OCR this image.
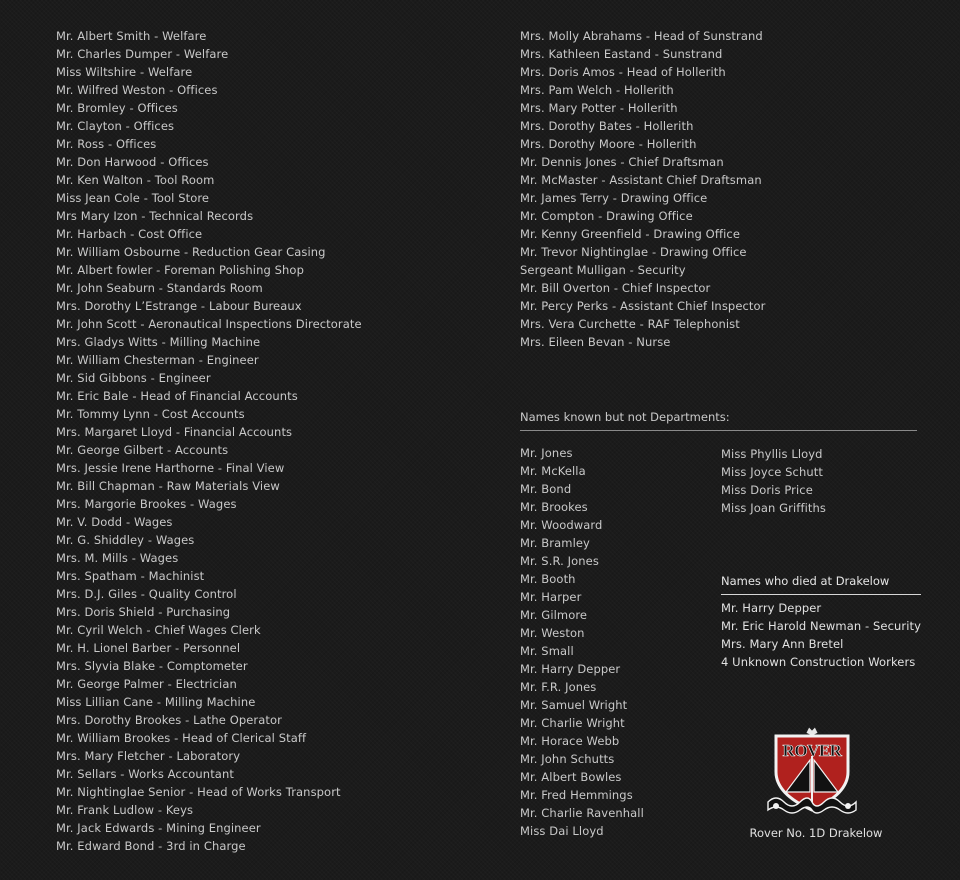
Mr. Albert Smith - Welfare
Mr. Charles Dumper - Welfare
Miss Wiltshire - Welfare
Mr. Wilfred Weston - Offices
Mr. Bromley - Offices
Mr. Clayton - Offices
Mr. Ross - Offices
Mr. Don Harwood - Offices
Mr. Ken Walton - Tool Room
Miss Jean Cole - Tool Store
Mrs Mary Izon - Technical Records
Mr. Harbach - Cost Office
Mr. William Osbourne - Reduction Gear Casing
Mr. Albert fowler - Foreman Polishing Shop
Mr. John Seaburn - Standards Room
Mrs. Dorothy L’Estrange - Labour Bureaux
Mr. John Scott - Aeronautical Inspections Directorate
Mrs. Gladys Witts - Milling Machine
Mr. William Chesterman - Engineer
Mr. Sid Gibbons - Engineer
Mr. Eric Bale - Head of Financial Accounts
Mr. Tommy Lynn - Cost Accounts
Mrs. Margaret Lloyd - Financial Accounts
Mr. George Gilbert - Accounts
Mrs. Jessie Irene Harthorne - Final View
Mr. Bill Chapman - Raw Materials View
Mrs. Margorie Brookes - Wages
Mr. V. Dodd - Wages
Mr. G. Shiddley - Wages
Mrs. M. Mills - Wages
Mrs. Spatham - Machinist
Mrs. D.J. Giles - Quality Control
Mrs. Doris Shield - Purchasing
Mr. Cyril Welch - Chief Wages Clerk
Mr. H. Lionel Barber - Personnel
Mrs. Slyvia Blake - Comptometer
Mr. George Palmer - Electrician
Miss Lillian Cane - Milling Machine
Mrs. Dorothy Brookes - Lathe Operator
Mr. William Brookes - Head of Clerical Staff
Mrs. Mary Fletcher - Laboratory
Mr. Sellars - Works Accountant
Mr. Nightinglae Senior - Head of Works Transport
Mr. Frank Ludlow - Keys
Mr. Jack Edwards - Mining Engineer
Mr. Edward Bond - 3rd in Charge
Mrs. Molly Abrahams - Head of Sunstrand
Mrs. Kathleen Eastand - Sunstrand
Mrs. Doris Amos - Head of Hollerith
Mrs. Pam Welch - Hollerith
Mrs. Mary Potter - Hollerith
Mrs. Dorothy Bates - Hollerith
Mrs. Dorothy Moore - Hollerith
Mr. Dennis Jones - Chief Draftsman
Mr. McMaster - Assistant Chief Draftsman
Mr. James Terry - Drawing Office
Mr. Compton - Drawing Office
Mr. Kenny Greenfield - Drawing Office
Mr. Trevor Nightinglae - Drawing Office
Sergeant Mulligan - Security
Mr. Bill Overton - Chief Inspector
Mr. Percy Perks - Assistant Chief Inspector
Mrs. Vera Curchette - RAF Telephonist
Mrs. Eileen Bevan - Nurse
Names known but not Departments:
Mr. Jones
Mr. McKella
Mr. Bond
Mr. Brookes
Mr. Woodward
Mr. Bramley
Mr. S.R. Jones
Mr. Booth
Mr. Harper
Mr. Gilmore
Mr. Weston
Mr. Small
Mr. Harry Depper
Mr. F.R. Jones
Mr. Samuel Wright
Mr. Charlie Wright
Mr. Horace Webb
Mr. John Schutts
Mr. Albert Bowles
Mr. Fred Hemmings
Mr. Charlie Ravenhall
Miss Dai Lloyd
Miss Phyllis Lloyd
Miss Joyce Schutt
Miss Doris Price
Miss Joan Griffiths
Names who died at Drakelow
Mr. Harry Depper
Mr. Eric Harold Newman - Security
Mrs. Mary Ann Bretel
4 Unknown Construction Workers
ROVER
Rover No. 1D Drakelow
